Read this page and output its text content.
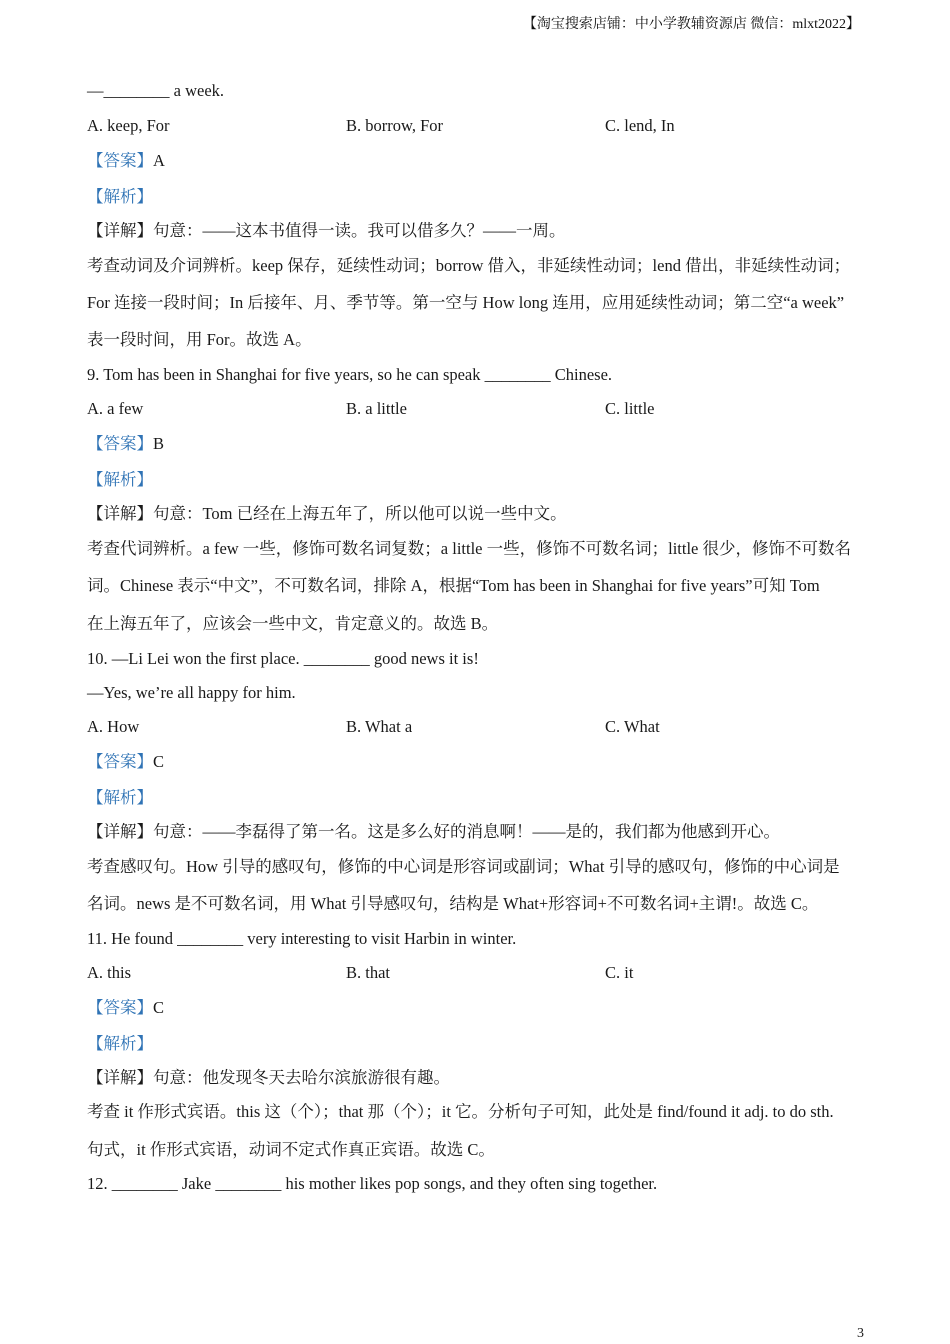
【淘宝搜索店铺：中小学教辅资源店 微信：mlxt2022】
—________ a week.
A. keep, For	B. borrow, For	C. lend, In
【答案】A
【解析】
【详解】句意：——这本书值得一读。我可以借多久？——一周。
考查动词及介词辨析。keep 保存，延续性动词；borrow 借入，非延续性动词；lend 借出，非延续性动词；
For 连接一段时间；In 后接年、月、季节等。第一空与 How long 连用，应用延续性动词；第二空“a week”
表一段时间，用 For。故选 A。
9. Tom has been in Shanghai for five years, so he can speak ________ Chinese.
A. a few	B. a little	C. little
【答案】B
【解析】
【详解】句意：Tom 已经在上海五年了，所以他可以说一些中文。
考查代词辨析。a few 一些，修饰可数名词复数；a little 一些，修饰不可数名词；little 很少，修饰不可数名
词。Chinese 表示“中文”，不可数名词，排除 A，根据“Tom has been in Shanghai for five years”可知 Tom
在上海五年了，应该会一些中文，肯定意义的。故选 B。
10. —Li Lei won the first place. ________ good news it is!
—Yes, we’re all happy for him.
A. How	B. What a	C. What
【答案】C
【解析】
【详解】句意：——李磊得了第一名。这是多么好的消息啊！——是的，我们都为他感到开心。
考查感叹句。How 引导的感叹句，修饰的中心词是形容词或副词；What 引导的感叹句，修饰的中心词是
名词。news 是不可数名词，用 What 引导感叹句，结构是 What+形容词+不可数名词+主谓!。故选 C。
11. He found ________ very interesting to visit Harbin in winter.
A. this	B. that	C. it
【答案】C
【解析】
【详解】句意：他发现冬天去哈尔滨旅游很有趣。
考查 it 作形式宾语。this 这（个）；that 那（个）；it 它。分析句子可知，此处是 find/found it adj. to do sth.
句式，it 作形式宾语，动词不定式作真正宾语。故选 C。
12. ________ Jake ________ his mother likes pop songs, and they often sing together.
3
